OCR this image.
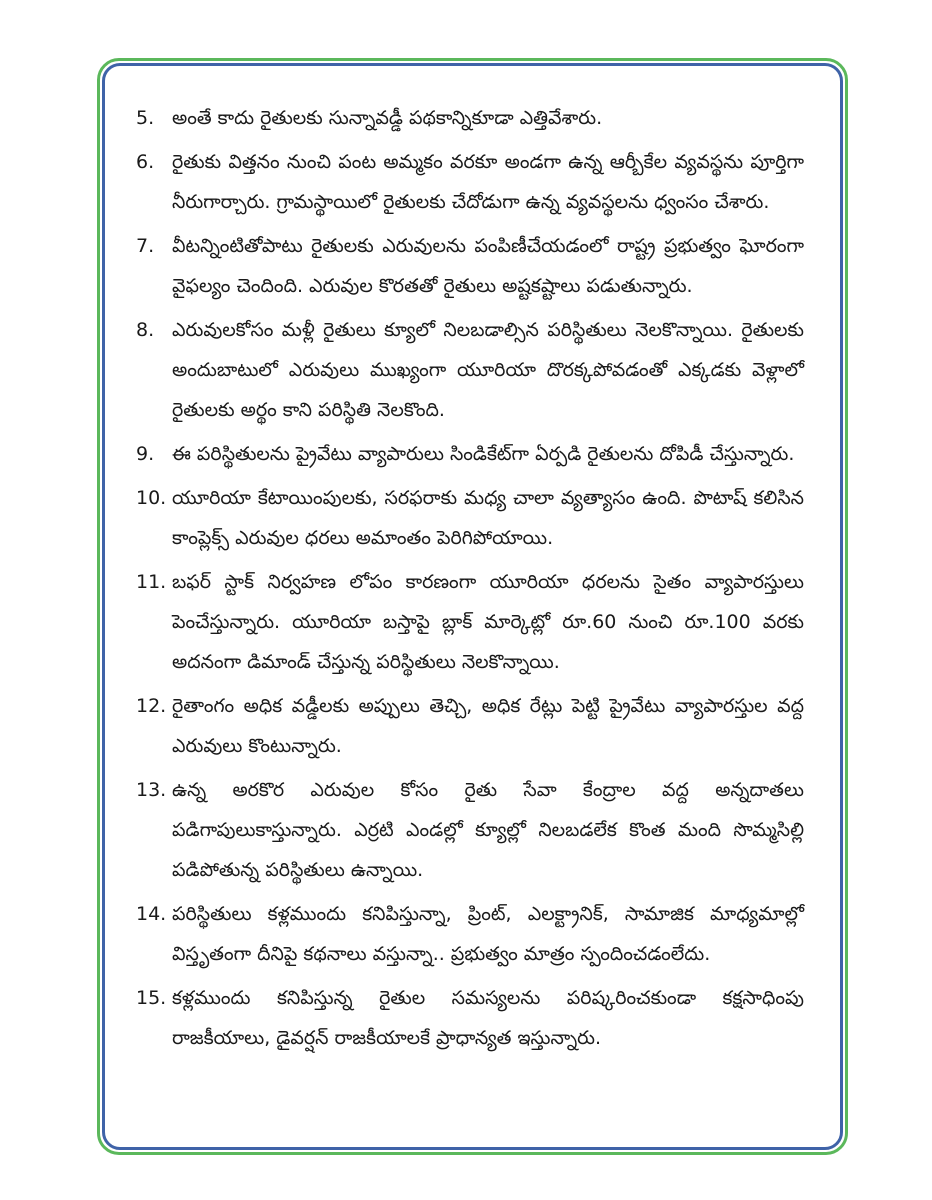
5. అంతే కాదు రైతులకు సున్నావడ్డీ పథకాన్నికూడా ఎత్తివేశారు.
6. రైతుకు విత్తనం నుంచి పంట అమ్మకం వరకూ అండగా ఉన్న ఆర్బీకేల వ్యవస్థను పూర్తిగా నీరుగార్చారు. గ్రామస్థాయిలో రైతులకు చేదోడుగా ఉన్న వ్యవస్థలను ధ్వంసం చేశారు.
7. వీటన్నింటితోపాటు రైతులకు ఎరువులను పంపిణీచేయడంలో రాష్ట్ర ప్రభుత్వం ఘోరంగా వైఫల్యం చెందింది. ఎరువుల కొరతతో రైతులు అష్టకష్టాలు పడుతున్నారు.
8. ఎరువులకోసం మళ్లీ రైతులు క్యూలో నిలబడాల్సిన పరిస్థితులు నెలకొన్నాయి. రైతులకు అందుబాటులో ఎరువులు ముఖ్యంగా యూరియా దొరక్కపోవడంతో ఎక్కడకు వెళ్లాలో రైతులకు అర్థం కాని పరిస్థితి నెలకొంది.
9. ఈ పరిస్థితులను ప్రైవేటు వ్యాపారులు సిండికేట్‌గా ఏర్పడి రైతులను దోపిడీ చేస్తున్నారు.
10. యూరియా కేటాయింపులకు, సరఫరాకు మధ్య చాలా వ్యత్యాసం ఉంది. పొటాష్ కలిసిన కాంప్లెక్స్ ఎరువుల ధరలు అమాంతం పెరిగిపోయాయి.
11. బఫర్ స్టాక్ నిర్వహణ లోపం కారణంగా యూరియా ధరలను సైతం వ్యాపారస్తులు పెంచేస్తున్నారు. యూరియా బస్తాపై బ్లాక్ మార్కెట్లో రూ.60 నుంచి రూ.100 వరకు అదనంగా డిమాండ్ చేస్తున్న పరిస్థితులు నెలకొన్నాయి.
12. రైతాంగం అధిక వడ్డీలకు అప్పులు తెచ్చి, అధిక రేట్లు పెట్టి ప్రైవేటు వ్యాపారస్తుల వద్ద ఎరువులు కొంటున్నారు.
13. ఉన్న అరకొర ఎరువుల కోసం రైతు సేవా కేంద్రాల వద్ద అన్నదాతలు పడిగాపులుకాస్తున్నారు. ఎర్రటి ఎండల్లో క్యూల్లో నిలబడలేక కొంత మంది సొమ్మసిల్లి పడిపోతున్న పరిస్థితులు ఉన్నాయి.
14. పరిస్థితులు కళ్లముందు కనిపిస్తున్నా, ప్రింట్, ఎలక్ట్రానిక్, సామాజిక మాధ్యమాల్లో విస్తృతంగా దీనిపై కథనాలు వస్తున్నా.. ప్రభుత్వం మాత్రం స్పందించడంలేదు.
15. కళ్లముందు కనిపిస్తున్న రైతుల సమస్యలను పరిష్కరించకుండా కక్షసాధింపు రాజకీయాలు, డైవర్షన్ రాజకీయాలకే ప్రాధాన్యత ఇస్తున్నారు.
